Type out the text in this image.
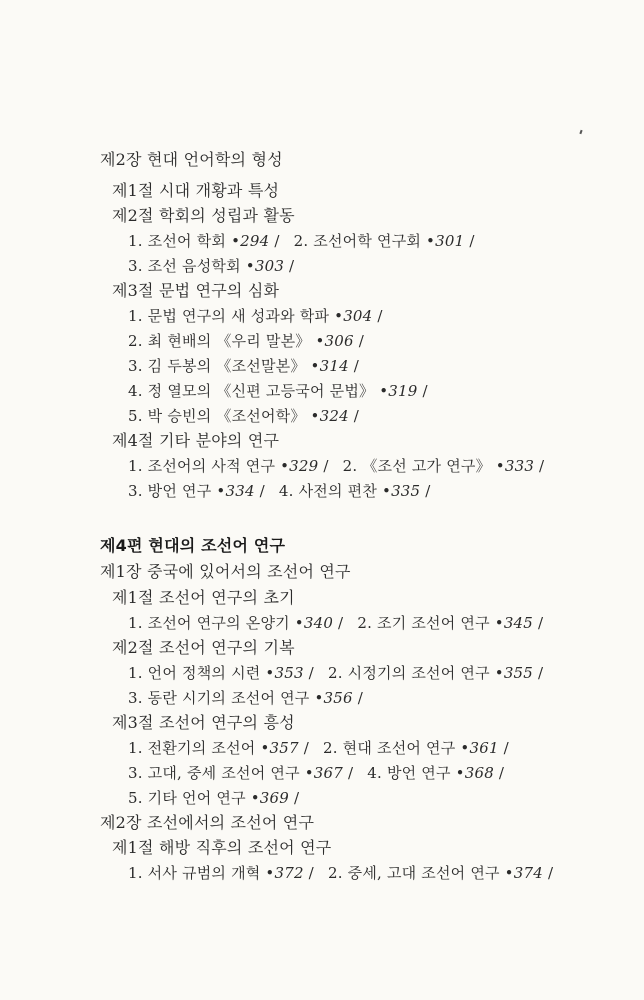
제2장 현대 언어학의 형성
제1절 시대 개황과 특성
제2절 학회의 성립과 활동
1. 조선어 학회 •294 / 2. 조선어학 연구회 •301 /
3. 조선 음성학회 •303 /
제3절 문법 연구의 심화
1. 문법 연구의 새 성과와 학파 •304 /
2. 최 현배의 《우리 말본》 •306 /
3. 김 두봉의 《조선말본》 •314 /
4. 정 열모의 《신편 고등국어 문법》 •319 /
5. 박 승빈의 《조선어학》 •324 /
제4절 기타 분야의 연구
1. 조선어의 사적 연구 •329 / 2. 《조선 고가 연구》 •333 /
3. 방언 연구 •334 / 4. 사전의 편찬 •335 /
제4편 현대의 조선어 연구
제1장 중국에 있어서의 조선어 연구
제1절 조선어 연구의 초기
1. 조선어 연구의 온양기 •340 / 2. 조기 조선어 연구 •345 /
제2절 조선어 연구의 기복
1. 언어 정책의 시련 •353 / 2. 시정기의 조선어 연구 •355 /
3. 동란 시기의 조선어 연구 •356 /
제3절 조선어 연구의 흥성
1. 전환기의 조선어 •357 / 2. 현대 조선어 연구 •361 /
3. 고대, 중세 조선어 연구 •367 / 4. 방언 연구 •368 /
5. 기타 언어 연구 •369 /
제2장 조선에서의 조선어 연구
제1절 해방 직후의 조선어 연구
1. 서사 규범의 개혁 •372 / 2. 중세, 고대 조선어 연구 •374 /
